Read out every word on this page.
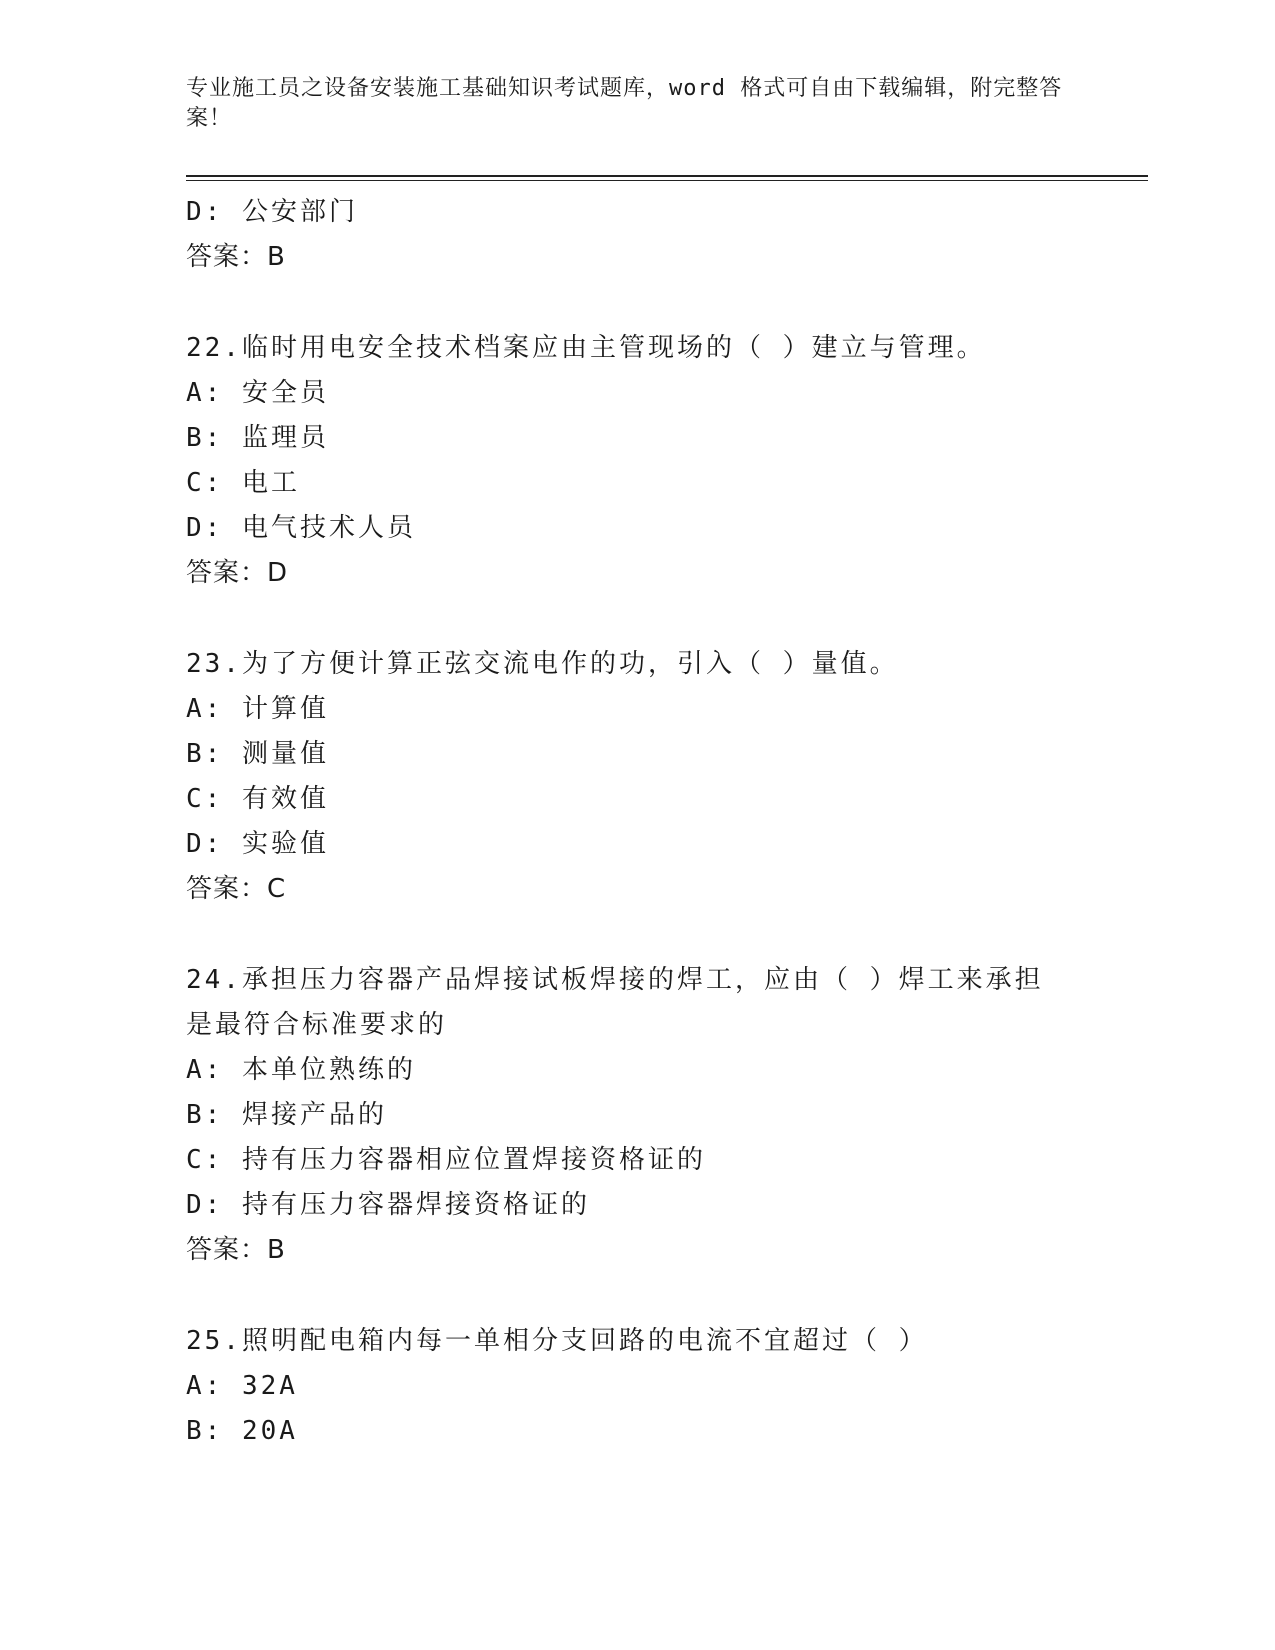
专业施工员之设备安装施工基础知识考试题库，word 格式可自由下载编辑，附完整答案！
D: 公安部门
答案：B
22.临时用电安全技术档案应由主管现场的（ ）建立与管理。
A: 安全员
B: 监理员
C: 电工
D: 电气技术人员
答案：D
23.为了方便计算正弦交流电作的功，引入（ ）量值。
A: 计算值
B: 测量值
C: 有效值
D: 实验值
答案：C
24.承担压力容器产品焊接试板焊接的焊工，应由（ ）焊工来承担是最符合标准要求的
A: 本单位熟练的
B: 焊接产品的
C: 持有压力容器相应位置焊接资格证的
D: 持有压力容器焊接资格证的
答案：B
25.照明配电箱内每一单相分支回路的电流不宜超过（ ）
A: 32A
B: 20A
